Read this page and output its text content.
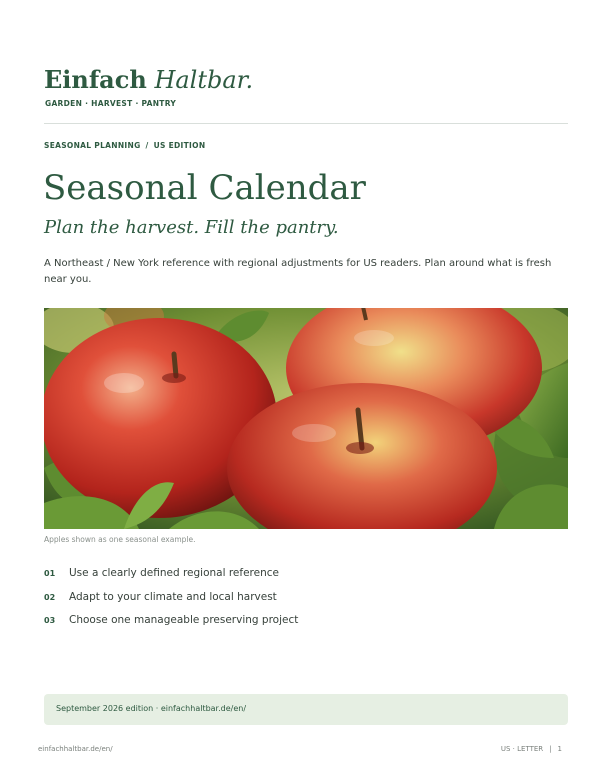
Einfach Haltbar.
GARDEN · HARVEST · PANTRY
SEASONAL PLANNING / US EDITION
Seasonal Calendar
Plan the harvest. Fill the pantry.

A Northeast / New York reference with regional adjustments for US readers. Plan around what is fresh near you.

Apples shown as one seasonal example.
01 Use a clearly defined regional reference
02 Adapt to your climate and local harvest
03 Choose one manageable preserving project
September 2026 edition · einfachhaltbar.de/en/
einfachhaltbar.de/en/	US · LETTER | 1
